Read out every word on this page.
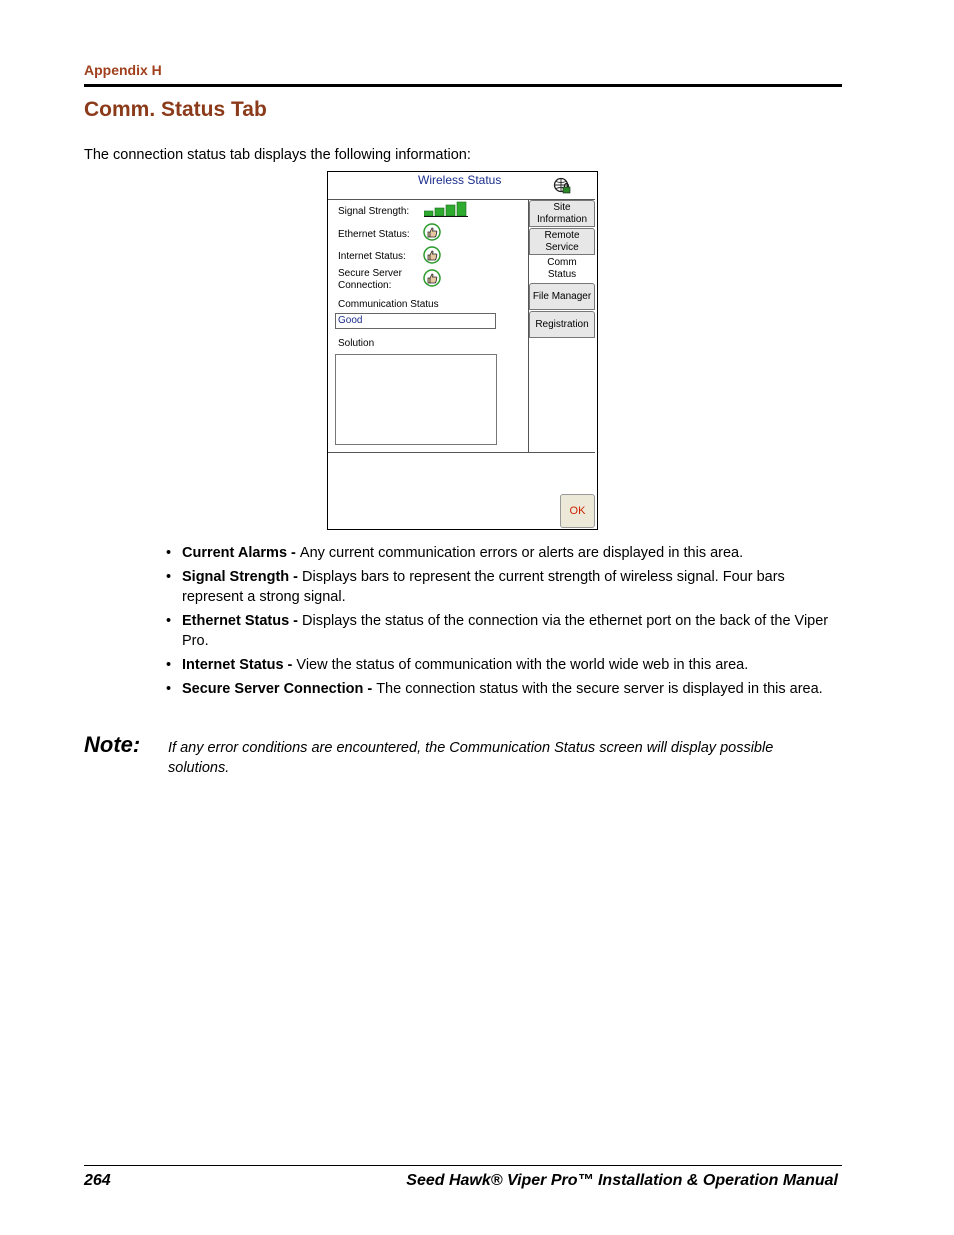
Appendix H
Comm. Status Tab
The connection status tab displays the following information:
Wireless Status
Signal Strength:
Ethernet Status:
Internet Status:
Secure Server
Connection:
Communication Status
Good
Solution
Site
Information
Remote
Service
Comm
Status
File Manager
Registration
OK
• Current Alarms - Any current communication errors or alerts are displayed in this area.
• Signal Strength - Displays bars to represent the current strength of wireless signal. Four bars represent a strong signal.
• Ethernet Status - Displays the status of the connection via the ethernet port on the back of the Viper Pro.
• Internet Status - View the status of communication with the world wide web in this area.
• Secure Server Connection - The connection status with the secure server is displayed in this area.
Note: If any error conditions are encountered, the Communication Status screen will display possible solutions.
264	Seed Hawk® Viper Pro™ Installation & Operation Manual
